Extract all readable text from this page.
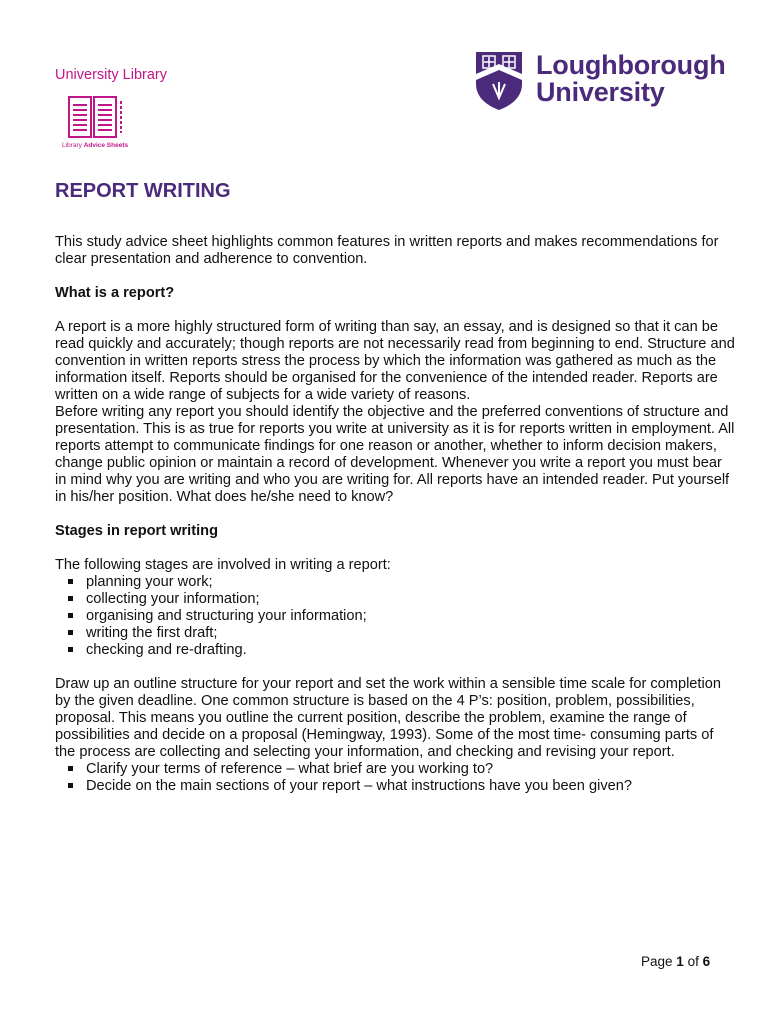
University Library
Library Advice Sheets
Loughborough
University
REPORT WRITING

This study advice sheet highlights common features in written reports and makes recommendations for clear presentation and adherence to convention.

What is a report?

A report is a more highly structured form of writing than say, an essay, and is designed so that it can be read quickly and accurately; though reports are not necessarily read from beginning to end. Structure and convention in written reports stress the process by which the information was gathered as much as the information itself. Reports should be organised for the convenience of the intended reader. Reports are written on a wide range of subjects for a wide variety of reasons.

Before writing any report you should identify the objective and the preferred conventions of structure and presentation. This is as true for reports you write at university as it is for reports written in employment. All reports attempt to communicate findings for one reason or another, whether to inform decision makers, change public opinion or maintain a record of development. Whenever you write a report you must bear in mind why you are writing and who you are writing for. All reports have an intended reader. Put yourself in his/her position. What does he/she need to know?

Stages in report writing

The following stages are involved in writing a report:

planning your work;
collecting your information;
organising and structuring your information;
writing the first draft;
checking and re-drafting.

Draw up an outline structure for your report and set the work within a sensible time scale for completion by the given deadline. One common structure is based on the 4 P’s: position, problem, possibilities, proposal. This means you outline the current position, describe the problem, examine the range of possibilities and decide on a proposal (Hemingway, 1993). Some of the most time- consuming parts of the process are collecting and selecting your information, and checking and revising your report.

Clarify your terms of reference – what brief are you working to?
Decide on the main sections of your report – what instructions have you been given?
Page 1 of 6
